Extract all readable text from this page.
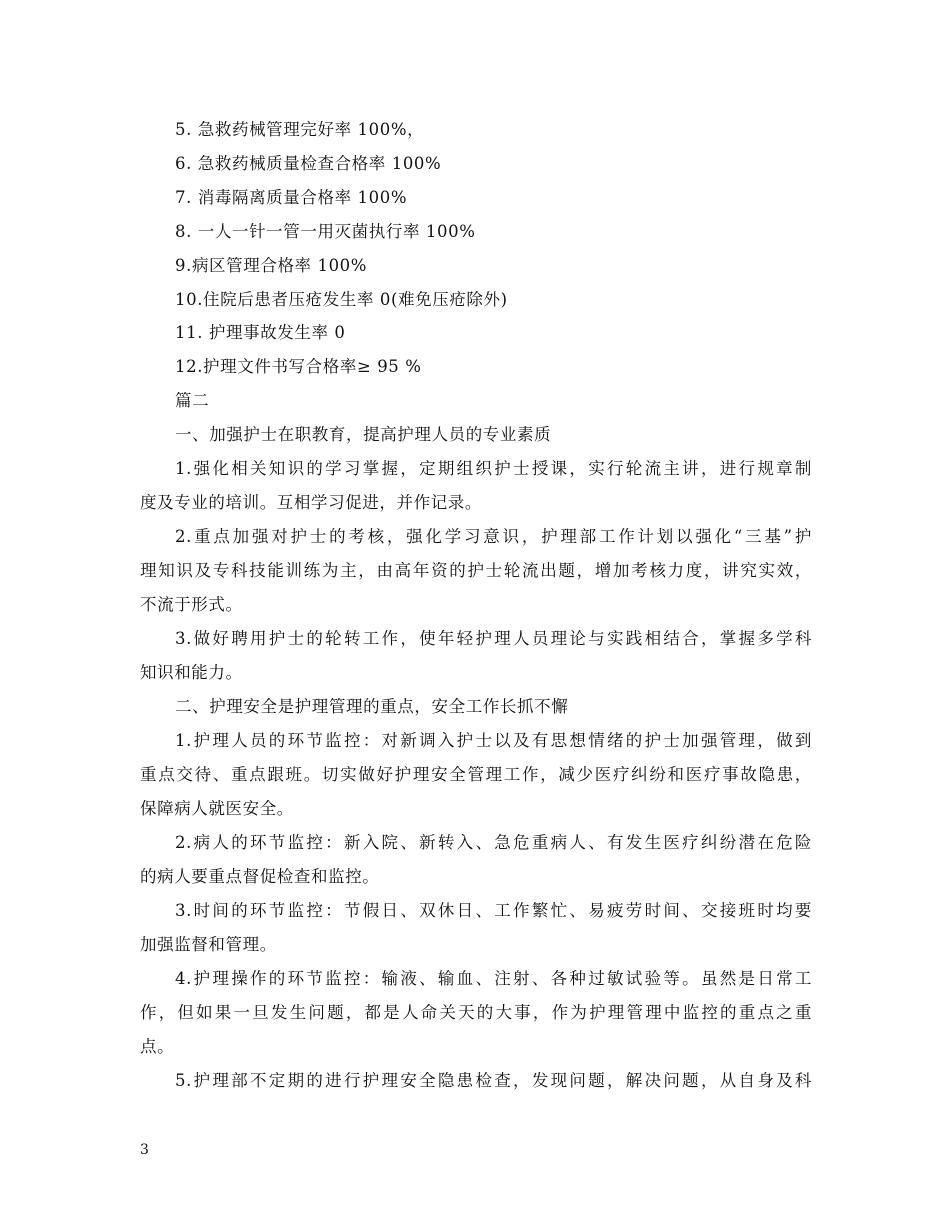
5. 急救药械管理完好率 100%，
6. 急救药械质量检查合格率 100%
7. 消毒隔离质量合格率 100%
8. 一人一针一管一用灭菌执行率 100%
9.病区管理合格率 100%
10.住院后患者压疮发生率 0(难免压疮除外)
11. 护理事故发生率 0
12.护理文件书写合格率≥ 95 %
篇二
一、加强护士在职教育，提高护理人员的专业素质
1.强化相关知识的学习掌握，定期组织护士授课，实行轮流主讲，进行规章制
度及专业的培训。互相学习促进，并作记录。
2.重点加强对护士的考核，强化学习意识，护理部工作计划以强化“三基”护
理知识及专科技能训练为主，由高年资的护士轮流出题，增加考核力度，讲究实效，
不流于形式。
3.做好聘用护士的轮转工作，使年轻护理人员理论与实践相结合，掌握多学科
知识和能力。
二、护理安全是护理管理的重点，安全工作长抓不懈
1.护理人员的环节监控：对新调入护士以及有思想情绪的护士加强管理，做到
重点交待、重点跟班。切实做好护理安全管理工作，减少医疗纠纷和医疗事故隐患，
保障病人就医安全。
2.病人的环节监控：新入院、新转入、急危重病人、有发生医疗纠纷潜在危险
的病人要重点督促检查和监控。
3.时间的环节监控：节假日、双休日、工作繁忙、易疲劳时间、交接班时均要
加强监督和管理。
4.护理操作的环节监控：输液、输血、注射、各种过敏试验等。虽然是日常工
作，但如果一旦发生问题，都是人命关天的大事，作为护理管理中监控的重点之重
点。
5.护理部不定期的进行护理安全隐患检查，发现问题，解决问题，从自身及科
3
